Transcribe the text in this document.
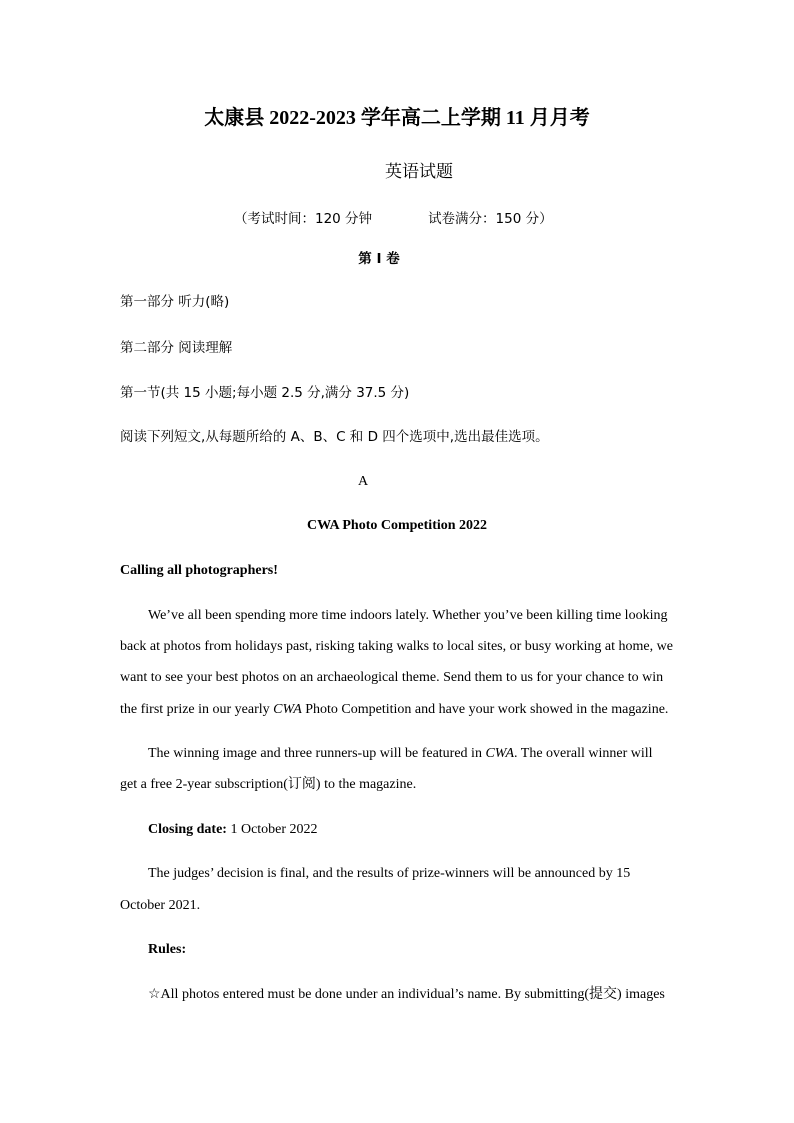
太康县 2022-2023 学年高二上学期 11 月月考
英语试题
（考试时间：120 分钟	试卷满分：150 分）
第 I 卷
第一部分 听力(略)
第二部分 阅读理解
第一节(共 15 小题;每小题 2.5 分,满分 37.5 分)
阅读下列短文,从每题所给的 A、B、C 和 D 四个选项中,选出最佳选项。
A
CWA Photo Competition 2022
Calling all photographers!
We’ve all been spending more time indoors lately. Whether you’ve been killing time looking
back at photos from holidays past, risking taking walks to local sites, or busy working at home, we
want to see your best photos on an archaeological theme. Send them to us for your chance to win
the first prize in our yearly CWA Photo Competition and have your work showed in the magazine.
The winning image and three runners-up will be featured in CWA. The overall winner will
get a free 2-year subscription(订阅) to the magazine.
Closing date: 1 October 2022
The judges’ decision is final, and the results of prize-winners will be announced by 15
October 2021.
Rules:
☆All photos entered must be done under an individual’s name. By submitting(提交) images
